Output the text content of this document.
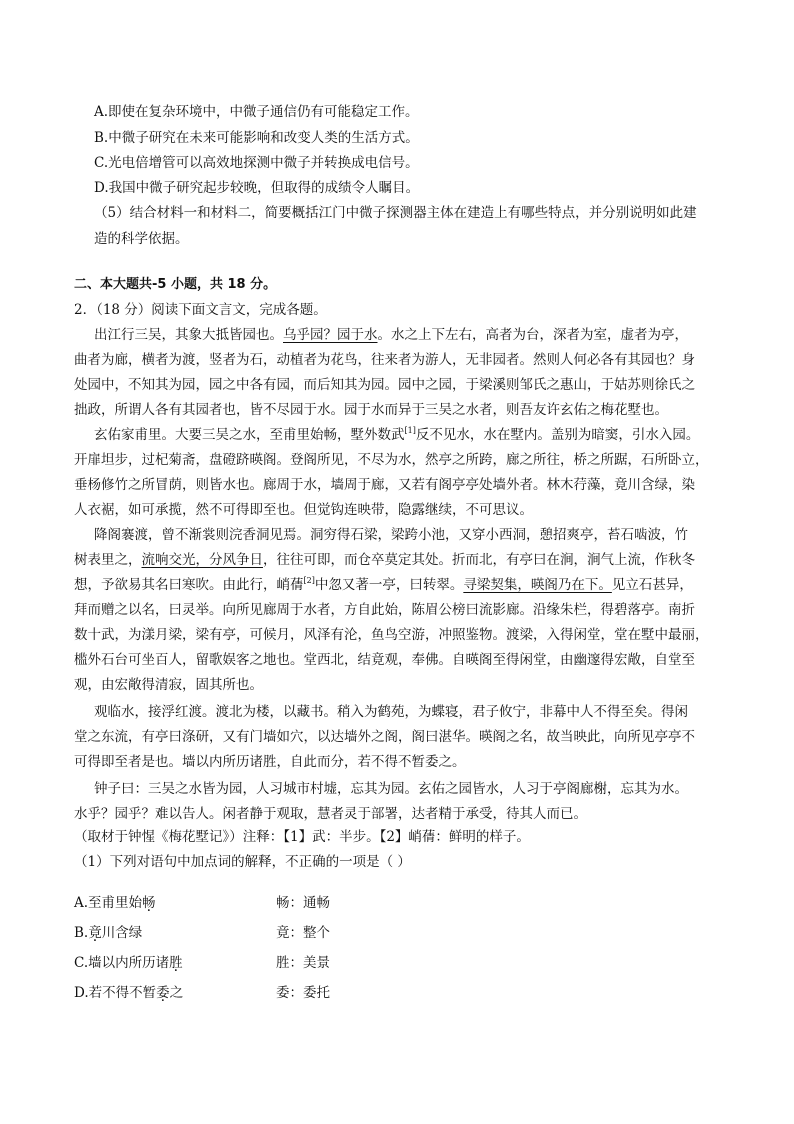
A.即使在复杂环境中，中微子通信仍有可能稳定工作。
B.中微子研究在未来可能影响和改变人类的生活方式。
C.光电倍增管可以高效地探测中微子并转换成电信号。
D.我国中微子研究起步较晚，但取得的成绩令人瞩目。
（5）结合材料一和材料二，简要概括江门中微子探测器主体在建造上有哪些特点，并分别说明如此建
造的科学依据。
二、本大题共-5 小题，共 18 分。
2．（18 分）阅读下面文言文，完成各题。
出江行三吴，其象大抵皆园也。乌乎园？园于水。水之上下左右，高者为台，深者为室，虚者为亭，
曲者为廊，横者为渡，竖者为石，动植者为花鸟，往来者为游人，无非园者。然则人何必各有其园也？身
处园中，不知其为园，园之中各有园，而后知其为园。园中之园，于梁溪则邹氏之惠山，于姑苏则徐氏之
拙政，所谓人各有其园者也，皆不尽园于水。园于水而异于三吴之水者，则吾友许玄佑之梅花墅也。
玄佑家甫里。大要三吴之水，至甫里始畅，墅外数武[1]反不见水，水在墅内。盖别为暗窦，引水入园。
开扉坦步，过杞菊斋，盘磴跻暎阁。登阁所见，不尽为水，然亭之所跨，廊之所往，桥之所踞，石所卧立，
垂杨修竹之所冒荫，则皆水也。廊周于水，墙周于廊，又若有阁亭亭处墙外者。林木荇藻，竟川含绿，染
人衣裾，如可承揽，然不可得即至也。但觉钩连映带，隐露继续，不可思议。
降阁褰渡，曾不渐裳则浣香洞见焉。洞穷得石梁，梁跨小池，又穿小西洞，憩招爽亭，苔石啮波，竹
树表里之，流响交光，分风争日，往往可即，而仓卒莫定其处。折而北，有亭曰在涧，涧气上流，作秋冬
想，予欲易其名曰寒吹。由此行，峭蒨[2]中忽又著一亭，曰转翠。寻梁契集，暎阁乃在下。见立石甚异，
拜而赠之以名，曰灵举。向所见廊周于水者，方自此始，陈眉公榜曰流影廊。沿缘朱栏，得碧落亭。南折
数十武，为漾月梁，梁有亭，可候月，风泽有沦，鱼鸟空游，冲照鉴物。渡梁，入得闲堂，堂在墅中最丽，
槛外石台可坐百人，留歌娱客之地也。堂西北，结竟观，奉佛。自暎阁至得闲堂，由幽邃得宏敞，自堂至
观，由宏敞得清寂，固其所也。
观临水，接浮红渡。渡北为楼，以藏书。稍入为鹤苑，为蝶寝，君子攸宁，非幕中人不得至矣。得闲
堂之东流，有亭曰涤研，又有门墙如穴，以达墙外之阁，阁曰湛华。暎阁之名，故当映此，向所见亭亭不
可得即至者是也。墙以内所历诸胜，自此而分，若不得不暂委之。
钟子曰：三吴之水皆为园，人习城市村墟，忘其为园。玄佑之园皆水，人习于亭阁廊榭，忘其为水。
水乎？园乎？难以告人。闲者静于观取，慧者灵于部署，达者精于承受，待其人而已。
（取材于钟惺《梅花墅记》）注释：【1】武：半步。【2】峭蒨：鲜明的样子。
（1）下列对语句中加点词的解释，不正确的一项是（ ）
A.至甫里始畅	畅：通畅
B.竟川含绿	竟：整个
C.墙以内所历诸胜	胜：美景
D.若不得不暂委之	委：委托
